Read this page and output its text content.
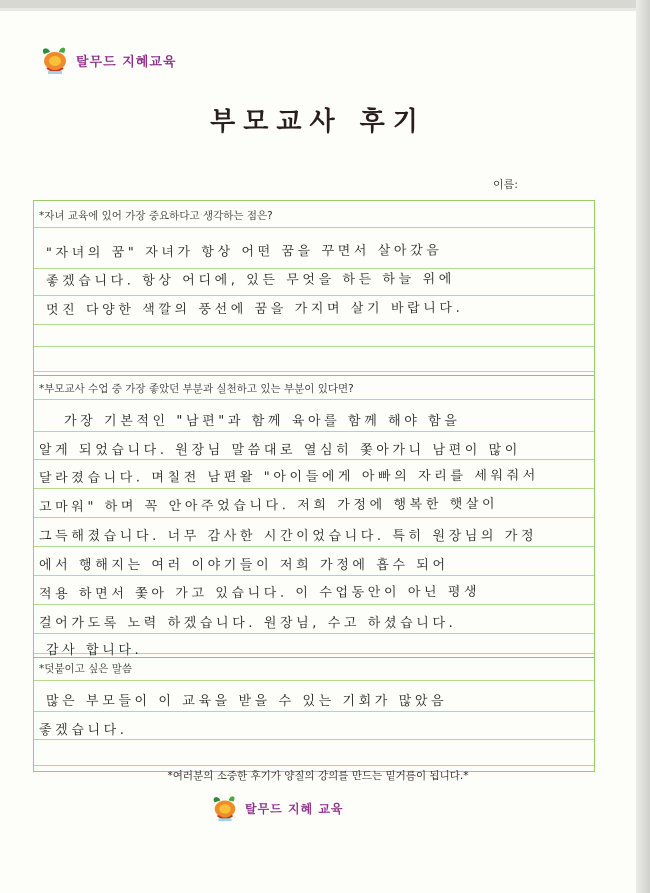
탈무드 지혜교육
부모교사 후기
이름:
*자녀 교육에 있어 가장 중요하다고 생각하는 점은?
"자녀의 꿈" 자녀가 항상 어떤 꿈을 꾸면서 살아갔음
좋겠습니다. 항상 어디에, 있든 무엇을 하든 하늘 위에
멋진 다양한 색깔의 풍선에 꿈을 가지며 살기 바랍니다.
*부모교사 수업 중 가장 좋았던 부분과 실천하고 있는 부분이 있다면?
가장 기본적인 "남편"과 함께 육아를 함께 해야 함을
알게 되었습니다. 원장님 말씀대로 열심히 쫓아가니 남편이 많이
달라졌습니다. 며칠전 남편왈 "아이들에게 아빠의 자리를 세워줘서
고마워" 하며 꼭 안아주었습니다. 저희 가정에 행복한 햇살이
그득해졌습니다. 너무 감사한 시간이었습니다. 특히 원장님의 가정
에서 행해지는 여러 이야기들이 저희 가정에 흡수 되어
적용 하면서 쫓아 가고 있습니다. 이 수업동안이 아닌 평생
걸어가도록 노력 하겠습니다. 원장님, 수고 하셨습니다.
감사 합니다.
*덧붙이고 싶은 말씀
많은 부모들이 이 교육을 받을 수 있는 기회가 많았음
좋겠습니다.
*여러분의 소중한 후기가 양질의 강의를 만드는 밑거름이 됩니다.*
탈무드 지혜 교육
